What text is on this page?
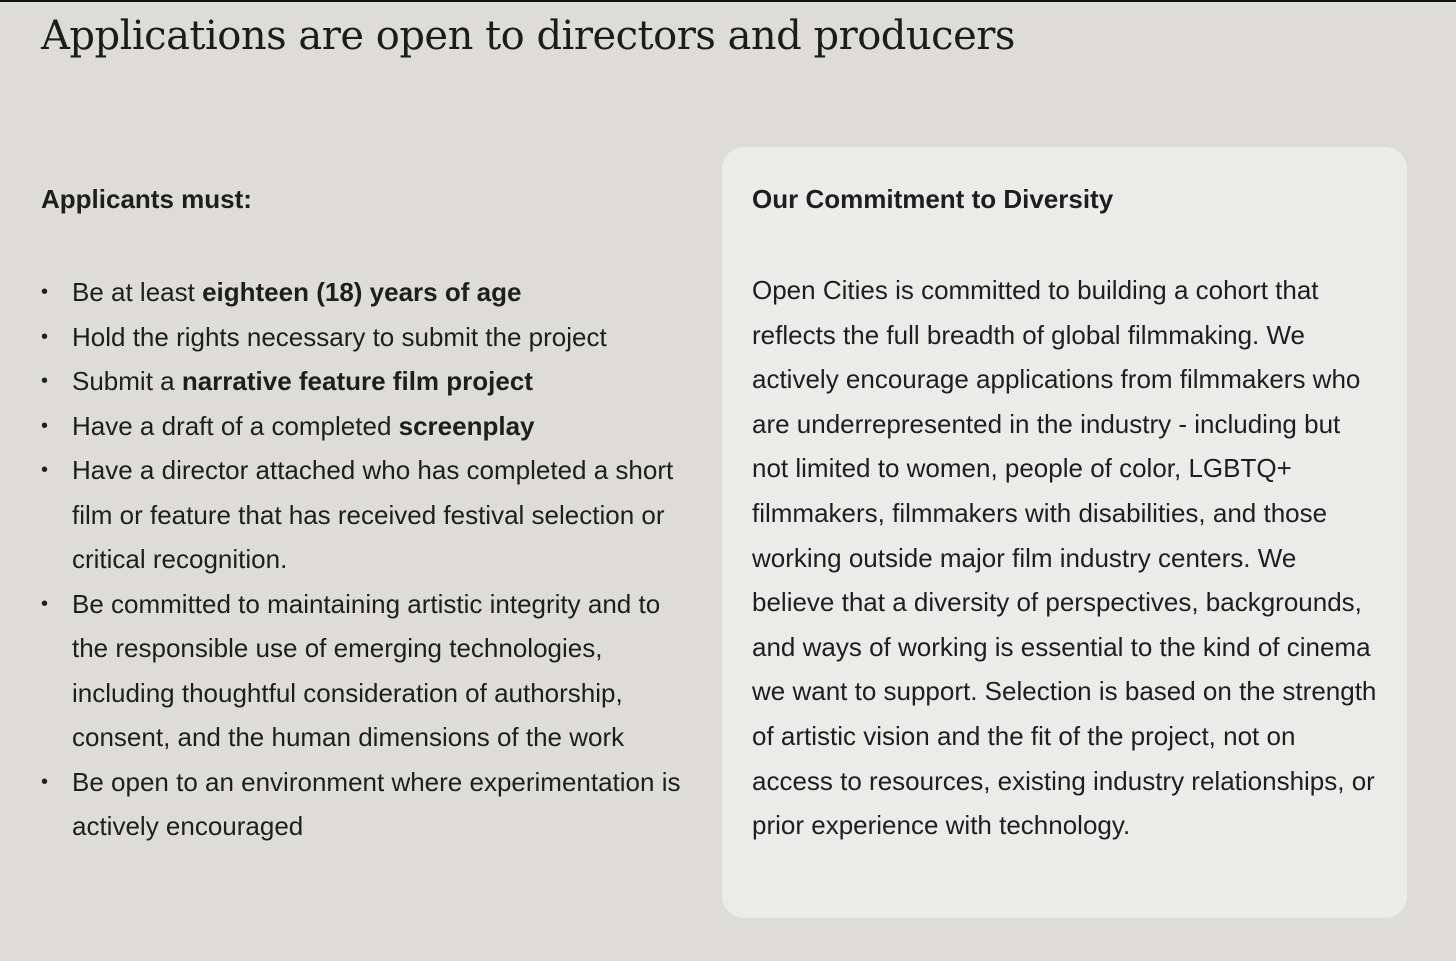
Applications are open to directors and producers
Applicants must:
• Be at least eighteen (18) years of age
• Hold the rights necessary to submit the project
• Submit a narrative feature film project
• Have a draft of a completed screenplay
• Have a director attached who has completed a short film or feature that has received festival selection or critical recognition.
• Be committed to maintaining artistic integrity and to the responsible use of emerging technologies, including thoughtful consideration of authorship, consent, and the human dimensions of the work
• Be open to an environment where experimentation is actively encouraged
Our Commitment to Diversity

Open Cities is committed to building a cohort that reflects the full breadth of global filmmaking. We actively encourage applications from filmmakers who are underrepresented in the industry - including but not limited to women, people of color, LGBTQ+ filmmakers, filmmakers with disabilities, and those working outside major film industry centers. We believe that a diversity of perspectives, backgrounds, and ways of working is essential to the kind of cinema we want to support. Selection is based on the strength of artistic vision and the fit of the project, not on access to resources, existing industry relationships, or prior experience with technology.
